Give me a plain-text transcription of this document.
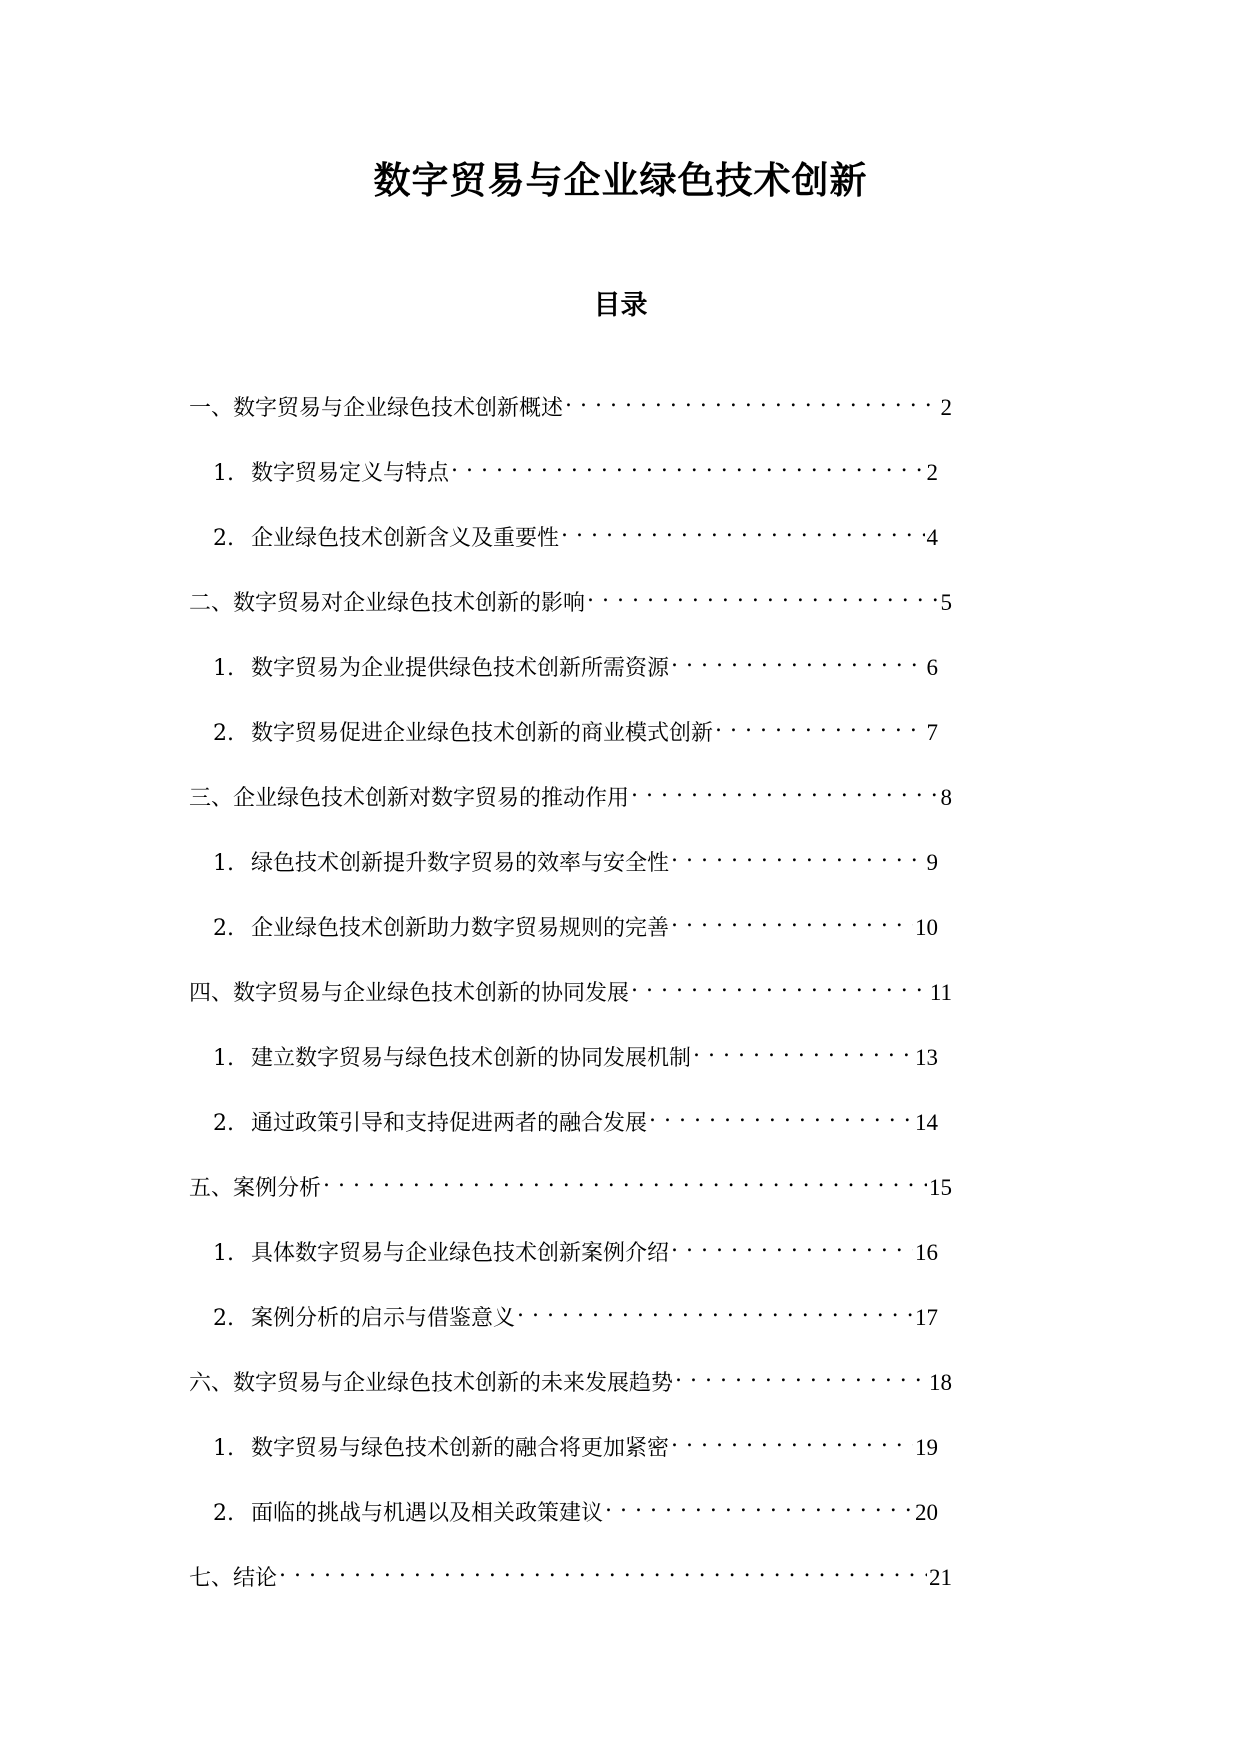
数字贸易与企业绿色技术创新
目录
一、数字贸易与企业绿色技术创新概述 . . .	2
1. 数字贸易定义与特点 . . .	2
2. 企业绿色技术创新含义及重要性 . . .	4
二、数字贸易对企业绿色技术创新的影响 . . .	5
1. 数字贸易为企业提供绿色技术创新所需资源 . . .	6
2. 数字贸易促进企业绿色技术创新的商业模式创新 . . .	7
三、企业绿色技术创新对数字贸易的推动作用 . . .	8
1. 绿色技术创新提升数字贸易的效率与安全性 . . .	9
2. 企业绿色技术创新助力数字贸易规则的完善 . . .	10
四、数字贸易与企业绿色技术创新的协同发展 . . .	11
1. 建立数字贸易与绿色技术创新的协同发展机制 . . .	13
2. 通过政策引导和支持促进两者的融合发展 . . .	14
五、案例分析 . . .	15
1. 具体数字贸易与企业绿色技术创新案例介绍 . . .	16
2. 案例分析的启示与借鉴意义 . . .	17
六、数字贸易与企业绿色技术创新的未来发展趋势 . . .	18
1. 数字贸易与绿色技术创新的融合将更加紧密 . . .	19
2. 面临的挑战与机遇以及相关政策建议 . . .	20
七、结论 . . .	21
